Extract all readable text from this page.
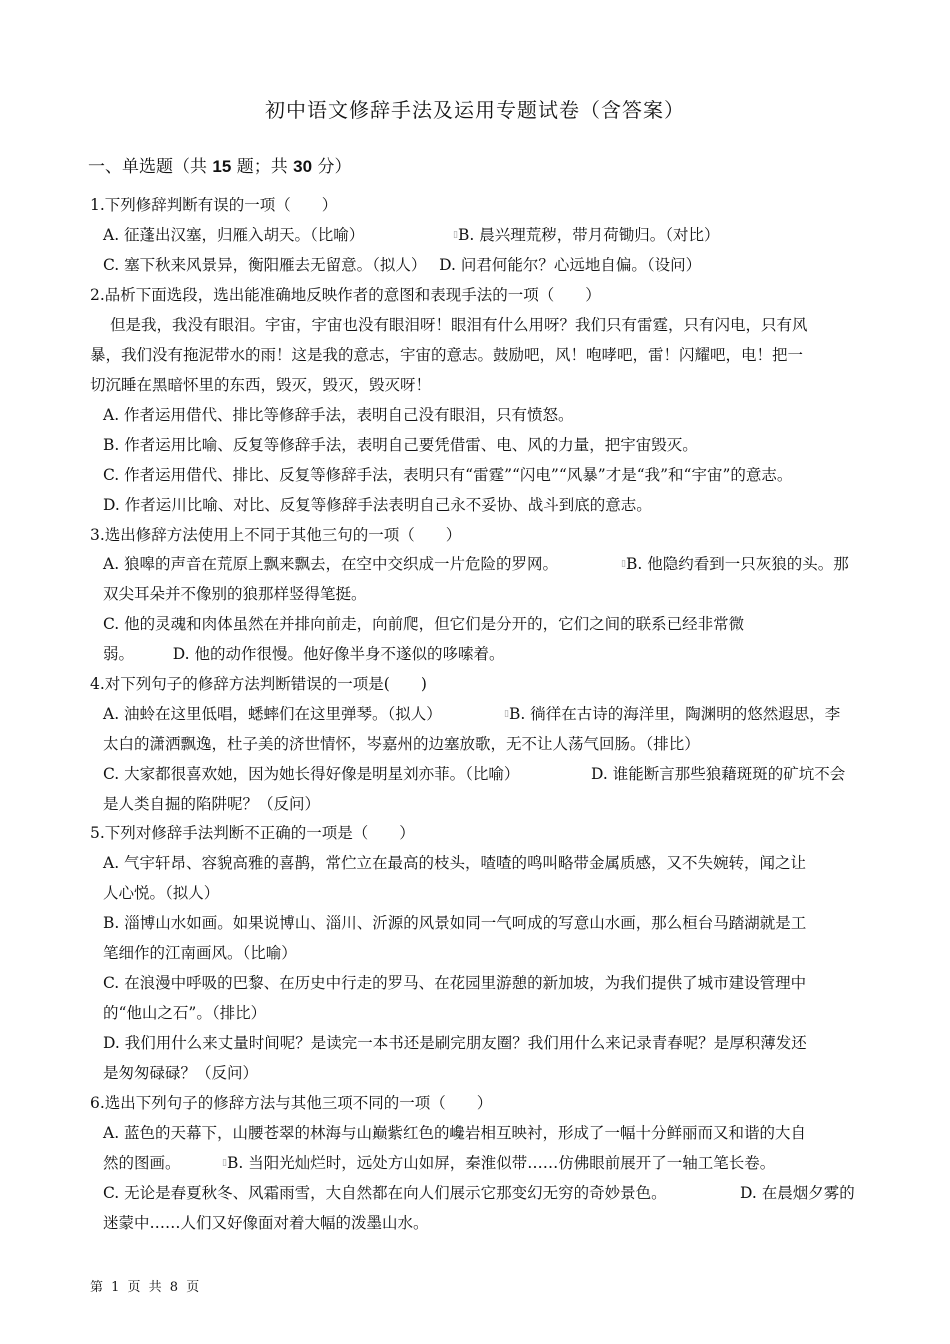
初中语文修辞手法及运用专题试卷（含答案）
一、单选题（共 15 题；共 30 分）
1.下列修辞判断有误的一项（　　）
A. 征蓬出汉塞，归雁入胡天。（比喻）	▯B. 晨兴理荒秽，带月荷锄归。（对比）
C. 塞下秋来风景异，衡阳雁去无留意。（拟人）　 D. 问君何能尔？心远地自偏。（设问）
2.品析下面选段，选出能准确地反映作者的意图和表现手法的一项（　　）
但是我，我没有眼泪。宇宙，宇宙也没有眼泪呀！眼泪有什么用呀？我们只有雷霆，只有闪电，只有风
暴，我们没有拖泥带水的雨！这是我的意志，宇宙的意志。鼓励吧，风！咆哮吧，雷！闪耀吧，电！把一
切沉睡在黑暗怀里的东西，毁灭，毁灭，毁灭呀！
A. 作者运用借代、排比等修辞手法，表明自己没有眼泪，只有愤怒。
B. 作者运用比喻、反复等修辞手法，表明自己要凭借雷、电、风的力量，把宇宙毁灭。
C. 作者运用借代、排比、反复等修辞手法，表明只有“雷霆”“闪电”“风暴”才是“我”和“宇宙”的意志。
D. 作者运川比喻、对比、反复等修辞手法表明自己永不妥协、战斗到底的意志。
3.选出修辞方法使用上不同于其他三句的一项（　　）
A. 狼嗥的声音在荒原上飘来飘去，在空中交织成一片危险的罗网。	▯B. 他隐约看到一只灰狼的头。那
双尖耳朵并不像别的狼那样竖得笔挺。
C. 他的灵魂和肉体虽然在并排向前走，向前爬，但它们是分开的，它们之间的联系已经非常微
弱。　　　D. 他的动作很慢。他好像半身不遂似的哆嗦着。
4.对下列句子的修辞方法判断错误的一项是(　　)
A. 油蛉在这里低唱，蟋蟀们在这里弹琴。（拟人）	▯B. 徜徉在古诗的海洋里，陶渊明的悠然遐思，李
太白的潇洒飘逸，杜子美的济世情怀，岑嘉州的边塞放歌，无不让人荡气回肠。（排比）
C. 大家都很喜欢她，因为她长得好像是明星刘亦菲。（比喻）	D. 谁能断言那些狼藉斑斑的矿坑不会
是人类自掘的陷阱呢？（反问）
5.下列对修辞手法判断不正确的一项是（　　）
A. 气宇轩昂、容貌高雅的喜鹊，常伫立在最高的枝头，喳喳的鸣叫略带金属质感，又不失婉转，闻之让
人心悦。（拟人）
B. 淄博山水如画。如果说博山、淄川、沂源的风景如同一气呵成的写意山水画，那么桓台马踏湖就是工
笔细作的江南画风。（比喻）
C. 在浪漫中呼吸的巴黎、在历史中行走的罗马、在花园里游憩的新加坡，为我们提供了城市建设管理中
的“他山之石”。（排比）
D. 我们用什么来丈量时间呢？是读完一本书还是刷完朋友圈？我们用什么来记录青春呢？是厚积薄发还
是匆匆碌碌？（反问）
6.选出下列句子的修辞方法与其他三项不同的一项（　　）
A. 蓝色的天幕下，山腰苍翠的林海与山巅紫红色的巉岩相互映衬，形成了一幅十分鲜丽而又和谐的大自
然的图画。	▯B. 当阳光灿烂时，远处方山如屏，秦淮似带……仿佛眼前展开了一轴工笔长卷。
C. 无论是春夏秋冬、风霜雨雪，大自然都在向人们展示它那变幻无穷的奇妙景色。	D. 在晨烟夕雾的
迷蒙中……人们又好像面对着大幅的泼墨山水。
第 1 页 共 8 页
